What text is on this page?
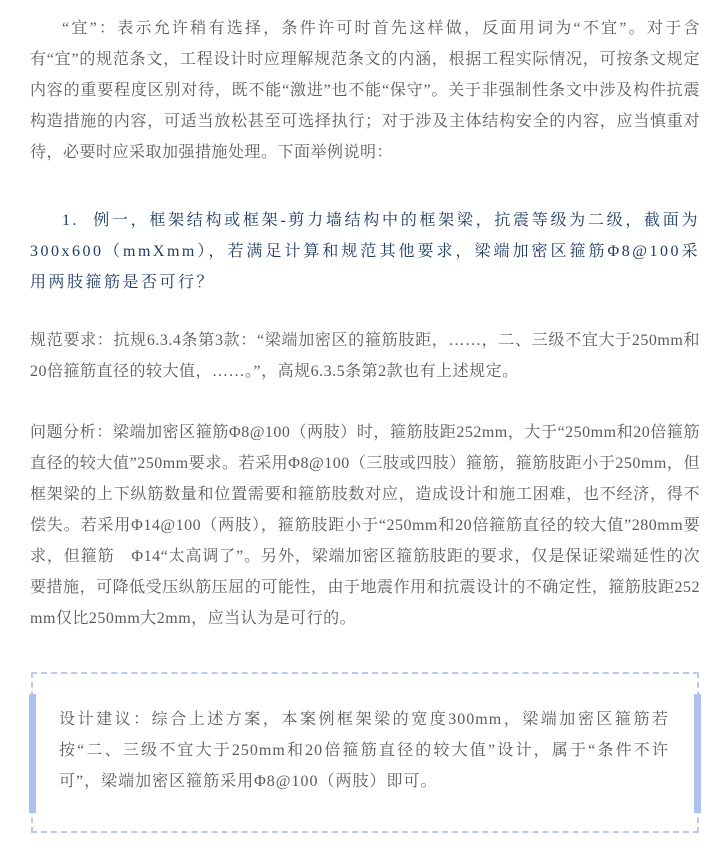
“宜”：表示允许稍有选择，条件许可时首先这样做，反面用词为“不宜”。对于含有“宜”的规范条文，工程设计时应理解规范条文的内涵，根据工程实际情况，可按条文规定内容的重要程度区别对待，既不能“激进”也不能“保守”。关于非强制性条文中涉及构件抗震构造措施的内容，可适当放松甚至可选择执行；对于涉及主体结构安全的内容，应当慎重对待，必要时应采取加强措施处理。下面举例说明：

1. 例一，框架结构或框架-剪力墙结构中的框架梁，抗震等级为二级，截面为300x600（mmXmm），若满足计算和规范其他要求，梁端加密区箍筋Φ8@100采用两肢箍筋是否可行？

规范要求：抗规6.3.4条第3款：“梁端加密区的箍筋肢距，……，二、三级不宜大于250mm和20倍箍筋直径的较大值，……。”，高规6.3.5条第2款也有上述规定。

问题分析：梁端加密区箍筋Φ8@100（两肢）时，箍筋肢距252mm，大于“250mm和20倍箍筋直径的较大值”250mm要求。若采用Φ8@100（三肢或四肢）箍筋，箍筋肢距小于250mm，但框架梁的上下纵筋数量和位置需要和箍筋肢数对应，造成设计和施工困难，也不经济，得不偿失。若采用Φ14@100（两肢），箍筋肢距小于“250mm和20倍箍筋直径的较大值”280mm要求，但箍筋　Φ14“太高调了”。另外，梁端加密区箍筋肢距的要求，仅是保证梁端延性的次要措施，可降低受压纵筋压屈的可能性，由于地震作用和抗震设计的不确定性，箍筋肢距252mm仅比250mm大2mm，应当认为是可行的。

设计建议：综合上述方案，本案例框架梁的宽度300mm，梁端加密区箍筋若按“二、三级不宜大于250mm和20倍箍筋直径的较大值”设计，属于“条件不许可”，梁端加密区箍筋采用Φ8@100（两肢）即可。
